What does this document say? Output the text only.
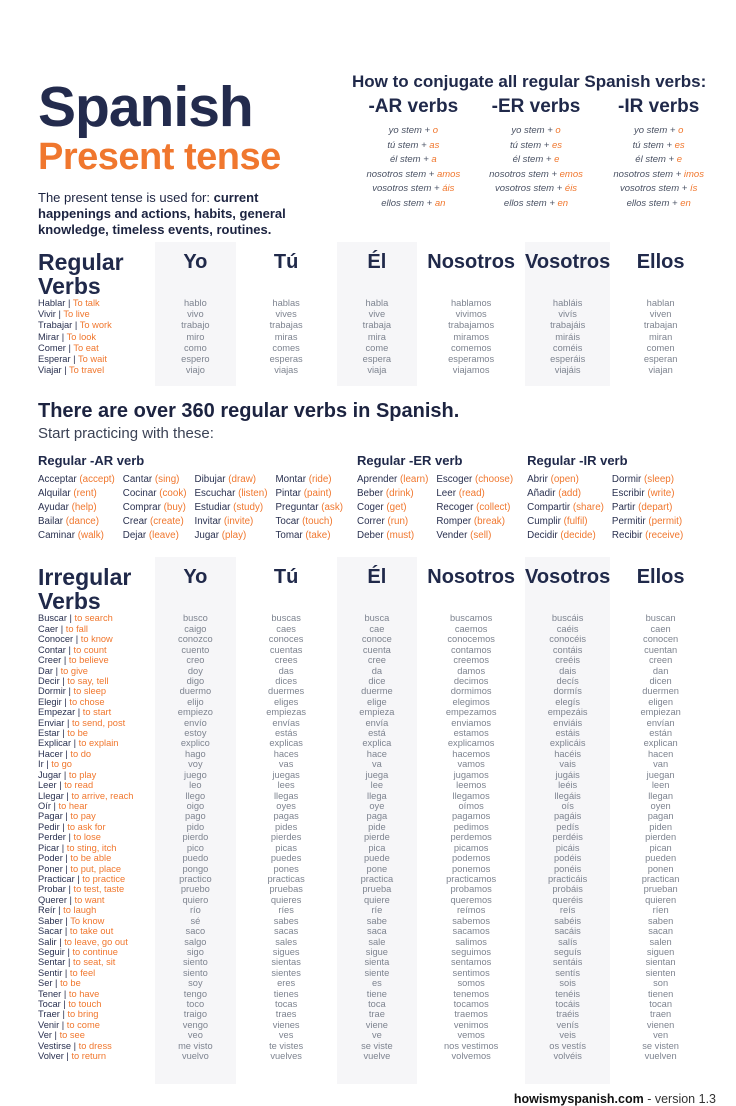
Spanish
Present tense

The present tense is used for: current happenings and actions, habits, general knowledge, timeless events, routines.

How to conjugate all regular Spanish verbs:
-AR verbs
yo stem + o
tú stem + as
él stem + a
nosotros stem + amos
vosotros stem + áis
ellos stem + an
-ER verbs
yo stem + o
tú stem + es
él stem + e
nosotros stem + emos
vosotros stem + éis
ellos stem + en
-IR verbs
yo stem + o
tú stem + es
él stem + e
nosotros stem + imos
vosotros stem + ís
ellos stem + en
Regular Verbs
Hablar | To talk
Vivir | To live
Trabajar | To work
Mirar | To look
Comer | To eat
Esperar | To wait
Viajar | To travel
Yo
hablo
vivo
trabajo
miro
como
espero
viajo
Tú
hablas
vives
trabajas
miras
comes
esperas
viajas
Él
habla
vive
trabaja
mira
come
espera
viaja
Nosotros
hablamos
vivimos
trabajamos
miramos
comemos
esperamos
viajamos
Vosotros
habláis
vivís
trabajáis
miráis
coméis
esperáis
viajáis
Ellos
hablan
viven
trabajan
miran
comen
esperan
viajan
There are over 360 regular verbs in Spanish.

Start practicing with these:

Regular -AR verb
Acceptar (accept)
Alquilar (rent)
Ayudar (help)
Bailar (dance)
Caminar (walk)
Cantar (sing)
Cocinar (cook)
Comprar (buy)
Crear (create)
Dejar (leave)
Dibujar (draw)
Escuchar (listen)
Estudiar (study)
Invitar (invite)
Jugar (play)
Montar (ride)
Pintar (paint)
Preguntar (ask)
Tocar (touch)
Tomar (take)
Regular -ER verb
Aprender (learn)
Beber (drink)
Coger (get)
Correr (run)
Deber (must)
Escoger (choose)
Leer (read)
Recoger (collect)
Romper (break)
Vender (sell)
Regular -IR verb
Abrir (open)
Añadir (add)
Compartir (share)
Cumplir (fulfil)
Decidir (decide)
Dormir (sleep)
Escribir (write)
Partir (depart)
Permitir (permit)
Recibir (receive)
Irregular Verbs
Buscar | to search
Caer | to fall
Conocer | to know
Contar | to count
Creer | to believe
Dar | to give
Decir | to say, tell
Dormir | to sleep
Elegir | to chose
Empezar | to start
Enviar | to send, post
Estar | to be
Explicar | to explain
Hacer | to do
Ir | to go
Jugar | to play
Leer | to read
Llegar | to arrive, reach
Oír | to hear
Pagar | to pay
Pedir | to ask for
Perder | to lose
Picar | to sting, itch
Poder | to be able
Poner | to put, place
Practicar | to practice
Probar | to test, taste
Querer | to want
Reír | to laugh
Saber | To know
Sacar | to take out
Salir | to leave, go out
Seguir | to continue
Sentar | to seat, sit
Sentir | to feel
Ser | to be
Tener | to have
Tocar | to touch
Traer | to bring
Venir | to come
Ver | to see
Vestirse | to dress
Volver | to return
Yo
busco
caigo
conozco
cuento
creo
doy
digo
duermo
elijo
empiezo
envío
estoy
explico
hago
voy
juego
leo
llego
oigo
pago
pido
pierdo
pico
puedo
pongo
practico
pruebo
quiero
río
sé
saco
salgo
sigo
siento
siento
soy
tengo
toco
traigo
vengo
veo
me visto
vuelvo
Tú
buscas
caes
conoces
cuentas
crees
das
dices
duermes
eliges
empiezas
envías
estás
explicas
haces
vas
juegas
lees
llegas
oyes
pagas
pides
pierdes
picas
puedes
pones
practicas
pruebas
quieres
ríes
sabes
sacas
sales
sigues
sientas
sientes
eres
tienes
tocas
traes
vienes
ves
te vistes
vuelves
Él
busca
cae
conoce
cuenta
cree
da
dice
duerme
elige
empieza
envía
está
explica
hace
va
juega
lee
llega
oye
paga
pide
pierde
pica
puede
pone
practica
prueba
quiere
ríe
sabe
saca
sale
sigue
sienta
siente
es
tiene
toca
trae
viene
ve
se viste
vuelve
Nosotros
buscamos
caemos
conocemos
contamos
creemos
damos
decimos
dormimos
elegimos
empezamos
enviamos
estamos
explicamos
hacemos
vamos
jugamos
leemos
llegamos
oímos
pagamos
pedimos
perdemos
picamos
podemos
ponemos
practicamos
probamos
queremos
reímos
sabemos
sacamos
salimos
seguimos
sentamos
sentimos
somos
tenemos
tocamos
traemos
venimos
vemos
nos vestimos
volvemos
Vosotros
buscáis
caéis
conocéis
contáis
creéis
dais
decís
dormís
elegís
empezáis
enviáis
estáis
explicáis
hacéis
vais
jugáis
leéis
llegáis
oís
pagáis
pedís
perdéis
picáis
podéis
ponéis
practicáis
probáis
queréis
reís
sabéis
sacáis
salís
seguís
sentáis
sentís
sois
tenéis
tocáis
traéis
venís
veis
os vestís
volvéis
Ellos
buscan
caen
conocen
cuentan
creen
dan
dicen
duermen
eligen
empiezan
envían
están
explican
hacen
van
juegan
leen
llegan
oyen
pagan
piden
pierden
pican
pueden
ponen
practican
prueban
quieren
ríen
saben
sacan
salen
siguen
sientan
sienten
son
tienen
tocan
traen
vienen
ven
se visten
vuelven
howismyspanish.com - version 1.3
